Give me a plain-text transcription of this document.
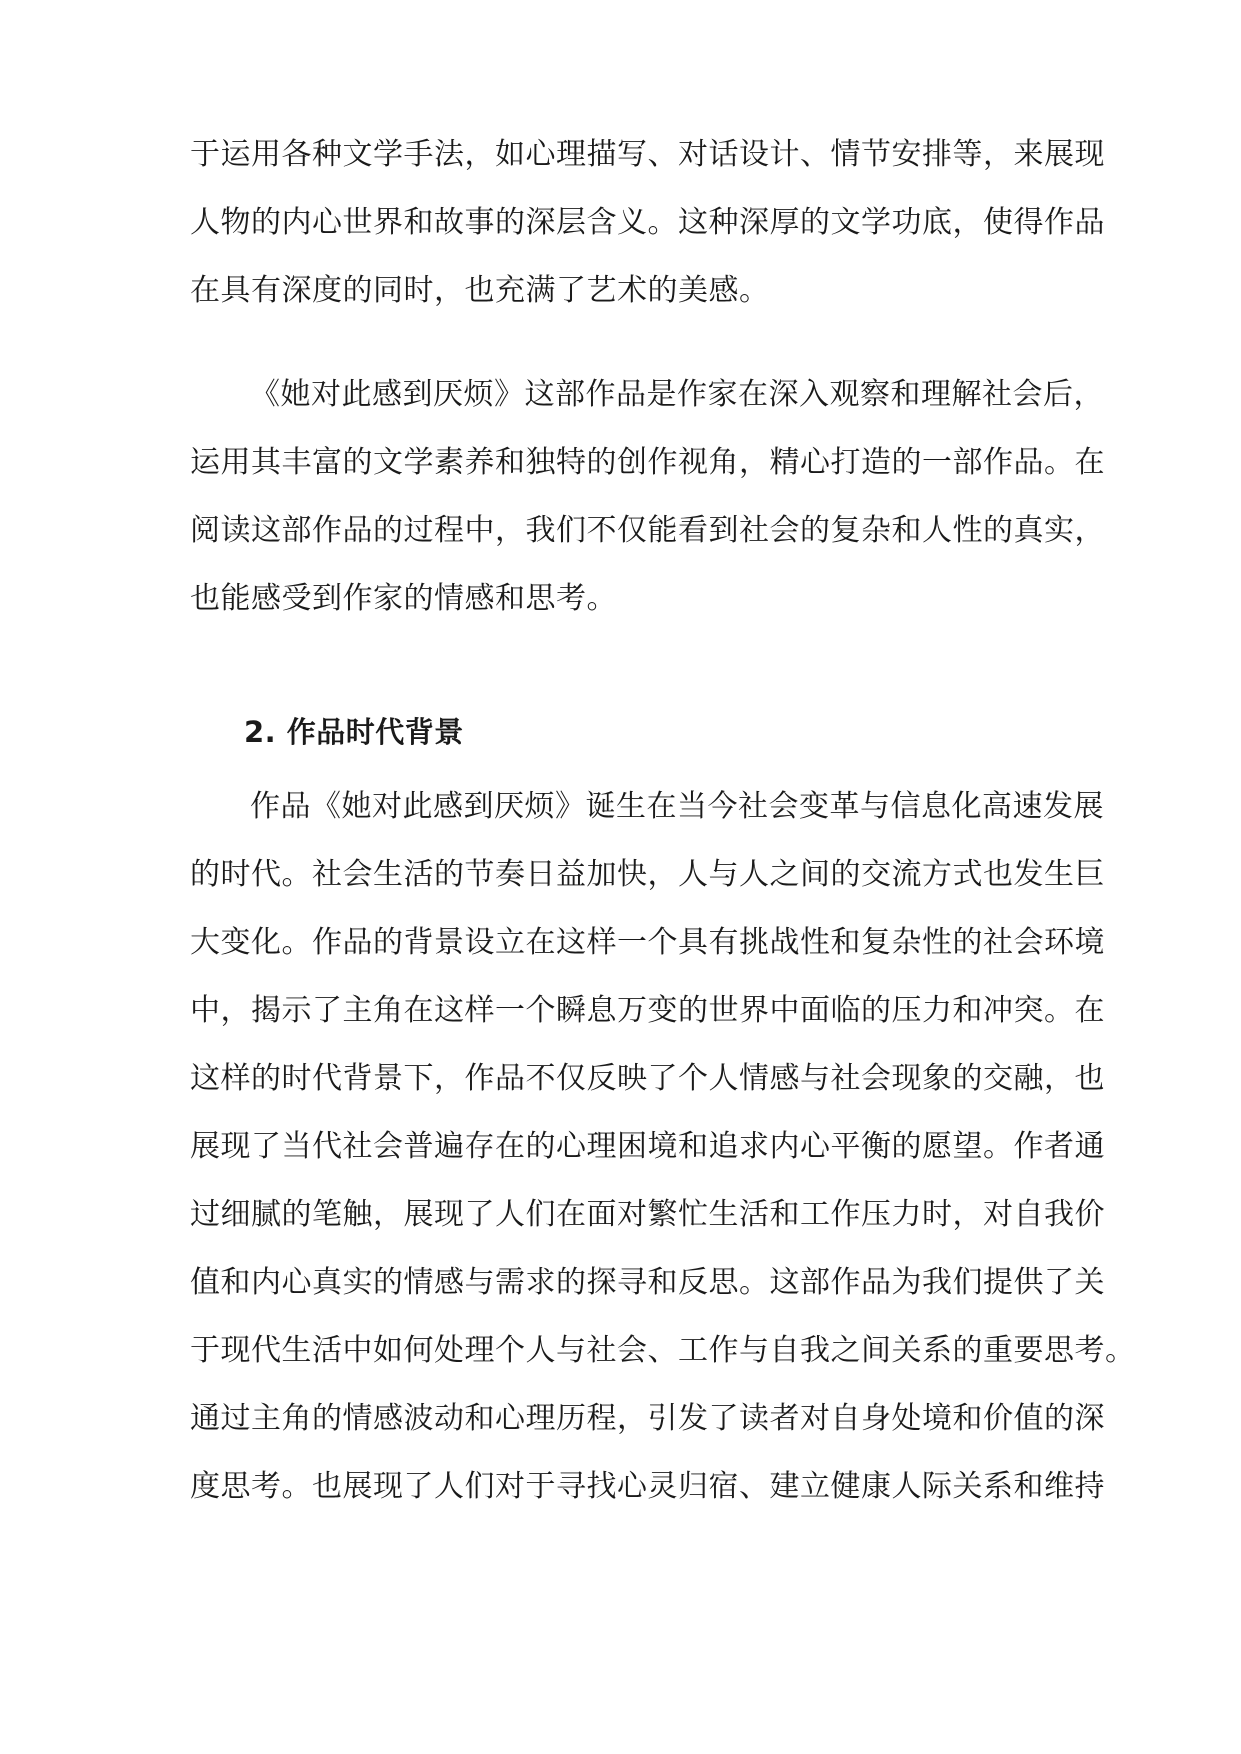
于运用各种文学手法，如心理描写、对话设计、情节安排等，来展现
人物的内心世界和故事的深层含义。这种深厚的文学功底，使得作品
在具有深度的同时，也充满了艺术的美感。
《她对此感到厌烦》这部作品是作家在深入观察和理解社会后，
运用其丰富的文学素养和独特的创作视角，精心打造的一部作品。在
阅读这部作品的过程中，我们不仅能看到社会的复杂和人性的真实，
也能感受到作家的情感和思考。
2. 作品时代背景
作品《她对此感到厌烦》诞生在当今社会变革与信息化高速发展
的时代。社会生活的节奏日益加快，人与人之间的交流方式也发生巨
大变化。作品的背景设立在这样一个具有挑战性和复杂性的社会环境
中，揭示了主角在这样一个瞬息万变的世界中面临的压力和冲突。在
这样的时代背景下，作品不仅反映了个人情感与社会现象的交融，也
展现了当代社会普遍存在的心理困境和追求内心平衡的愿望。作者通
过细腻的笔触，展现了人们在面对繁忙生活和工作压力时，对自我价
值和内心真实的情感与需求的探寻和反思。这部作品为我们提供了关
于现代生活中如何处理个人与社会、工作与自我之间关系的重要思考。
通过主角的情感波动和心理历程，引发了读者对自身处境和价值的深
度思考。也展现了人们对于寻找心灵归宿、建立健康人际关系和维持
